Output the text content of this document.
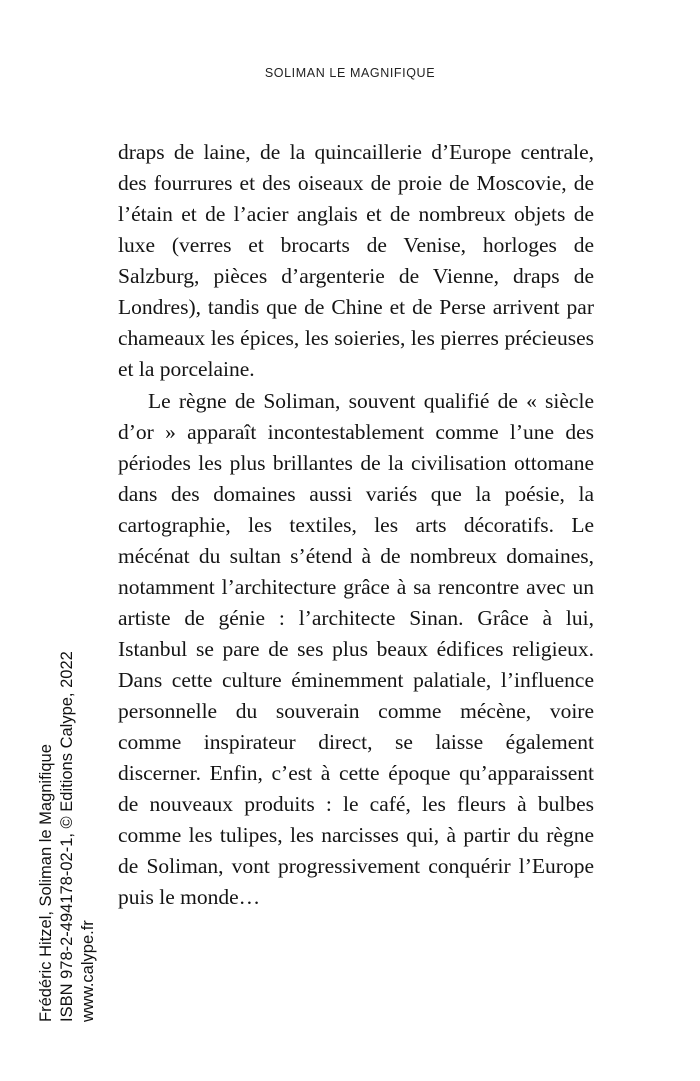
SOLIMAN LE MAGNIFIQUE

draps de laine, de la quincaillerie d’Europe centrale, des fourrures et des oiseaux de proie de Moscovie, de l’étain et de l’acier anglais et de nombreux objets de luxe (verres et brocarts de Venise, horloges de Salzburg, pièces d’argenterie de Vienne, draps de Londres), tandis que de Chine et de Perse arrivent par chameaux les épices, les soieries, les pierres précieuses et la porcelaine.

Le règne de Soliman, souvent qualifié de « siècle d’or » apparaît incontestablement comme l’une des périodes les plus brillantes de la civilisation ottomane dans des domaines aussi variés que la poésie, la cartographie, les textiles, les arts décoratifs. Le mécénat du sultan s’étend à de nombreux domaines, notamment l’architecture grâce à sa rencontre avec un artiste de génie : l’architecte Sinan. Grâce à lui, Istanbul se pare de ses plus beaux édifices religieux. Dans cette culture éminemment palatiale, l’influence personnelle du souverain comme mécène, voire comme inspirateur direct, se laisse également discerner. Enfin, c’est à cette époque qu’apparaissent de nouveaux produits : le café, les fleurs à bulbes comme les tulipes, les narcisses qui, à partir du règne de Soliman, vont progressivement conquérir l’Europe puis le monde…

Frédéric Hitzel, Soliman le Magnifique ISBN 978-2-494178-02-1, © Editions Calype, 2022 www.calype.fr
